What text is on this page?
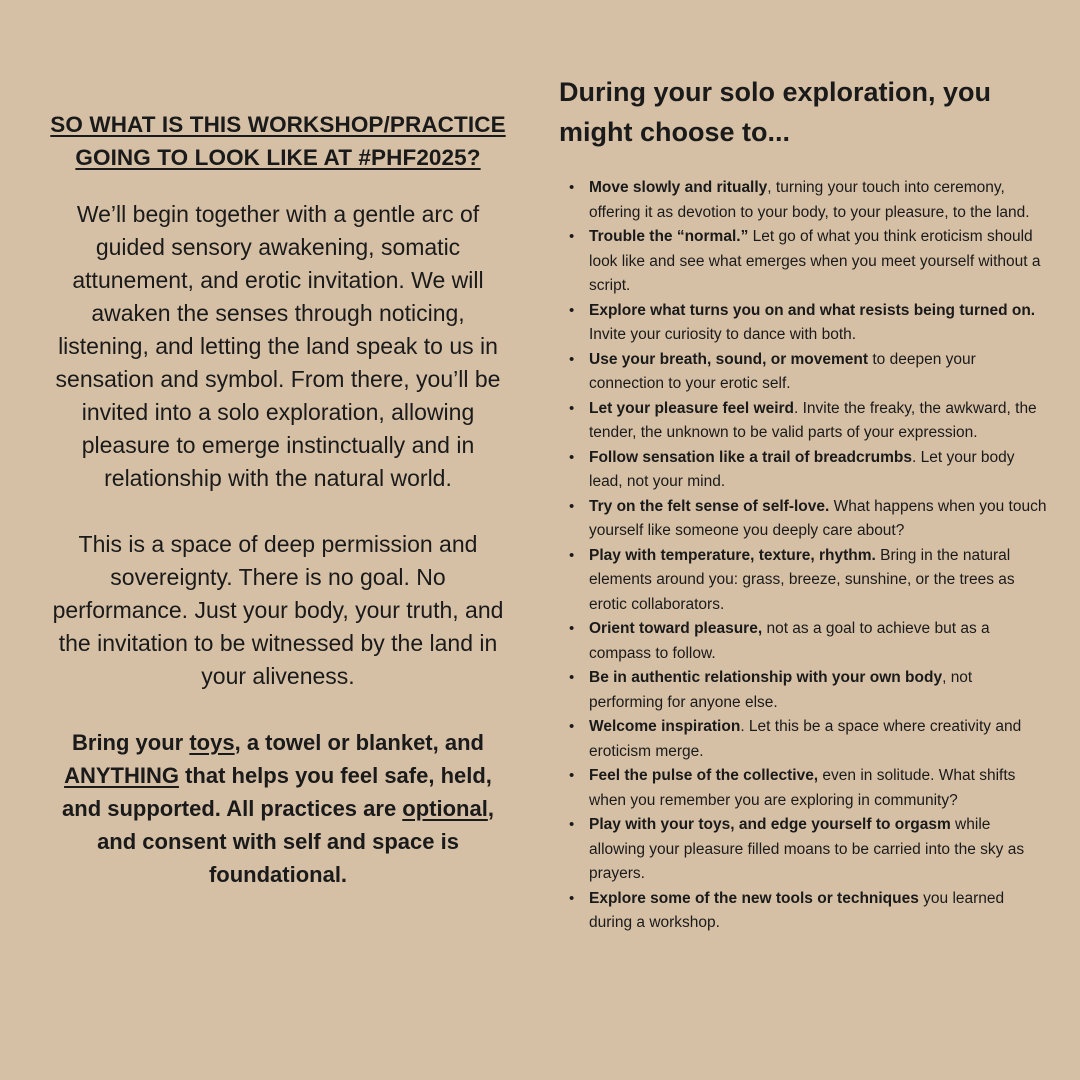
SO WHAT IS THIS WORKSHOP/PRACTICE GOING TO LOOK LIKE AT #PHF2025?

We’ll begin together with a gentle arc of guided sensory awakening, somatic attunement, and erotic invitation. We will awaken the senses through noticing, listening, and letting the land speak to us in sensation and symbol. From there, you’ll be invited into a solo exploration, allowing pleasure to emerge instinctually and in relationship with the natural world.

This is a space of deep permission and sovereignty. There is no goal. No performance. Just your body, your truth, and the invitation to be witnessed by the land in your aliveness.

Bring your toys, a towel or blanket, and ANYTHING that helps you feel safe, held, and supported. All practices are optional, and consent with self and space is foundational.

During your solo exploration, you might choose to...
• Move slowly and ritually, turning your touch into ceremony, offering it as devotion to your body, to your pleasure, to the land.
• Trouble the “normal.” Let go of what you think eroticism should look like and see what emerges when you meet yourself without a script.
• Explore what turns you on and what resists being turned on. Invite your curiosity to dance with both.
• Use your breath, sound, or movement to deepen your connection to your erotic self.
• Let your pleasure feel weird. Invite the freaky, the awkward, the tender, the unknown to be valid parts of your expression.
• Follow sensation like a trail of breadcrumbs. Let your body lead, not your mind.
• Try on the felt sense of self-love. What happens when you touch yourself like someone you deeply care about?
• Play with temperature, texture, rhythm. Bring in the natural elements around you: grass, breeze, sunshine, or the trees as erotic collaborators.
• Orient toward pleasure, not as a goal to achieve but as a compass to follow.
• Be in authentic relationship with your own body, not performing for anyone else.
• Welcome inspiration. Let this be a space where creativity and eroticism merge.
• Feel the pulse of the collective, even in solitude. What shifts when you remember you are exploring in community?
• Play with your toys, and edge yourself to orgasm while allowing your pleasure filled moans to be carried into the sky as prayers.
• Explore some of the new tools or techniques you learned during a workshop.
